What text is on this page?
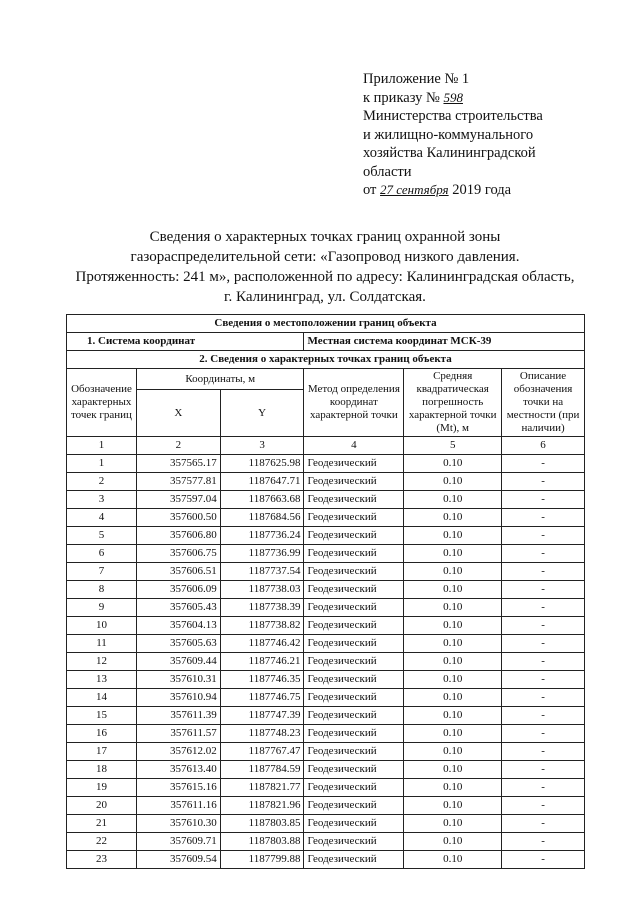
Приложение № 1
к приказу № 598
Министерства строительства
и жилищно-коммунального
хозяйства Калининградской
области
от 27 сентября 2019 года
Сведения о характерных точках границ охранной зоны
газораспределительной сети: «Газопровод низкого давления.
Протяженность: 241 м», расположенной по адресу: Калининградская область,
г. Калининград, ул. Солдатская.
Сведения о местоположении границ объекта					
1. Система координат			Местная система координат МСК-39		
2. Сведения о характерных точках границ объекта					
Обозначение характерных точек границ	Координаты, м		Метод определения координат характерной точки	Средняя квадратическая погрешность характерной точки (Mt), м	Описание обозначения точки на местности (при наличии)
	X	Y			
1	2	3	4	5	6
1	357565.17	1187625.98	Геодезический	0.10	-
2	357577.81	1187647.71	Геодезический	0.10	-
3	357597.04	1187663.68	Геодезический	0.10	-
4	357600.50	1187684.56	Геодезический	0.10	-
5	357606.80	1187736.24	Геодезический	0.10	-
6	357606.75	1187736.99	Геодезический	0.10	-
7	357606.51	1187737.54	Геодезический	0.10	-
8	357606.09	1187738.03	Геодезический	0.10	-
9	357605.43	1187738.39	Геодезический	0.10	-
10	357604.13	1187738.82	Геодезический	0.10	-
11	357605.63	1187746.42	Геодезический	0.10	-
12	357609.44	1187746.21	Геодезический	0.10	-
13	357610.31	1187746.35	Геодезический	0.10	-
14	357610.94	1187746.75	Геодезический	0.10	-
15	357611.39	1187747.39	Геодезический	0.10	-
16	357611.57	1187748.23	Геодезический	0.10	-
17	357612.02	1187767.47	Геодезический	0.10	-
18	357613.40	1187784.59	Геодезический	0.10	-
19	357615.16	1187821.77	Геодезический	0.10	-
20	357611.16	1187821.96	Геодезический	0.10	-
21	357610.30	1187803.85	Геодезический	0.10	-
22	357609.71	1187803.88	Геодезический	0.10	-
23	357609.54	1187799.88	Геодезический	0.10	-
